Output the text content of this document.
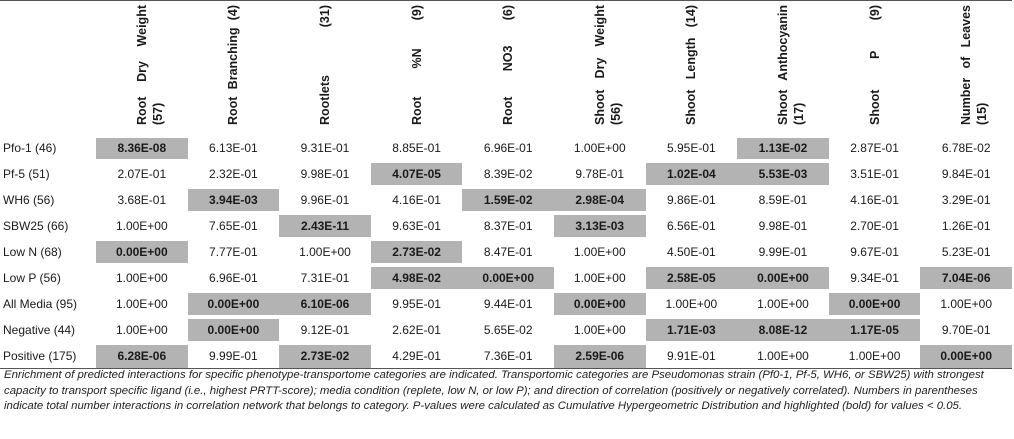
	Root Dry Weight (57)	Root Branching (4)	Rootlets (31)	Root %N (9)	Root NO3 (6)	Shoot Dry Weight (56)	Shoot Length (14)	Shoot Anthocyanin (17)	Shoot P (9)	Number of Leaves (15)

Pfo-1 (46)	8.36E-08	6.13E-01	9.31E-01	8.85E-01	6.96E-01	1.00E+00	5.95E-01	1.13E-02	2.87E-01	6.78E-02
Pf-5 (51)	2.07E-01	2.32E-01	9.98E-01	4.07E-05	8.39E-02	9.78E-01	1.02E-04	5.53E-03	3.51E-01	9.84E-01
WH6 (56)	3.68E-01	3.94E-03	9.96E-01	4.16E-01	1.59E-02	2.98E-04	9.86E-01	8.59E-01	4.16E-01	3.29E-01
SBW25 (66)	1.00E+00	7.65E-01	2.43E-11	9.63E-01	8.37E-01	3.13E-03	6.56E-01	9.98E-01	2.70E-01	1.26E-01
Low N (68)	0.00E+00	7.77E-01	1.00E+00	2.73E-02	8.47E-01	1.00E+00	4.50E-01	9.99E-01	9.67E-01	5.23E-01
Low P (56)	1.00E+00	6.96E-01	7.31E-01	4.98E-02	0.00E+00	1.00E+00	2.58E-05	0.00E+00	9.34E-01	7.04E-06
All Media (95)	1.00E+00	0.00E+00	6.10E-06	9.95E-01	9.44E-01	0.00E+00	1.00E+00	1.00E+00	0.00E+00	1.00E+00
Negative (44)	1.00E+00	0.00E+00	9.12E-01	2.62E-01	5.65E-02	1.00E+00	1.71E-03	8.08E-12	1.17E-05	9.70E-01
Positive (175)	6.28E-06	9.99E-01	2.73E-02	4.29E-01	7.36E-01	2.59E-06	9.91E-01	1.00E+00	1.00E+00	0.00E+00
Enrichment of predicted interactions for specific phenotype-transportome categories are indicated. Transportomic categories are Pseudomonas strain (Pf0-1, Pf-5, WH6, or SBW25) with strongest capacity to transport specific ligand (i.e., highest PRTT-score); media condition (replete, low N, or low P); and direction of correlation (positively or negatively correlated). Numbers in parentheses indicate total number interactions in correlation network that belongs to category. P-values were calculated as Cumulative Hypergeometric Distribution and highlighted (bold) for values < 0.05.
